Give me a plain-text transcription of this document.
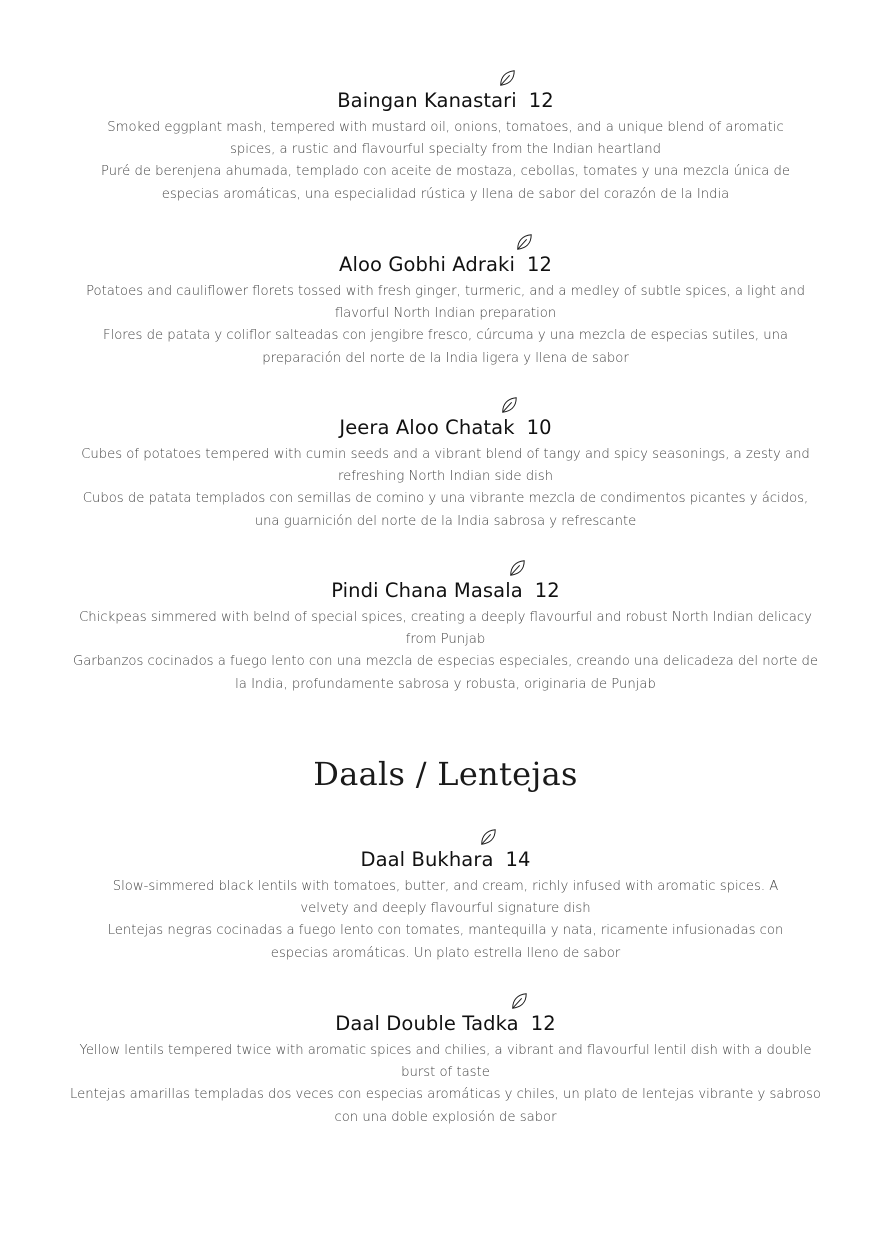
Baingan Kanastari 12

Smoked eggplant mash, tempered with mustard oil, onions, tomatoes, and a unique blend of aromatic spices, a rustic and flavourful specialty from the Indian heartland

Puré de berenjena ahumada, templado con aceite de mostaza, cebollas, tomates y una mezcla única de especias aromáticas, una especialidad rústica y llena de sabor del corazón de la India

Aloo Gobhi Adraki 12

Potatoes and cauliflower florets tossed with fresh ginger, turmeric, and a medley of subtle spices, a light and flavorful North Indian preparation

Flores de patata y coliflor salteadas con jengibre fresco, cúrcuma y una mezcla de especias sutiles, una preparación del norte de la India ligera y llena de sabor

Jeera Aloo Chatak 10

Cubes of potatoes tempered with cumin seeds and a vibrant blend of tangy and spicy seasonings, a zesty and refreshing North Indian side dish

Cubos de patata templados con semillas de comino y una vibrante mezcla de condimentos picantes y ácidos, una guarnición del norte de la India sabrosa y refrescante

Pindi Chana Masala 12

Chickpeas simmered with belnd of special spices, creating a deeply flavourful and robust North Indian delicacy from Punjab

Garbanzos cocinados a fuego lento con una mezcla de especias especiales, creando una delicadeza del norte de la India, profundamente sabrosa y robusta, originaria de Punjab

Daals / Lentejas
Daal Bukhara 14

Slow-simmered black lentils with tomatoes, butter, and cream, richly infused with aromatic spices. A velvety and deeply flavourful signature dish

Lentejas negras cocinadas a fuego lento con tomates, mantequilla y nata, ricamente infusionadas con especias aromáticas. Un plato estrella lleno de sabor

Daal Double Tadka 12

Yellow lentils tempered twice with aromatic spices and chilies, a vibrant and flavourful lentil dish with a double burst of taste

Lentejas amarillas templadas dos veces con especias aromáticas y chiles, un plato de lentejas vibrante y sabroso con una doble explosión de sabor
